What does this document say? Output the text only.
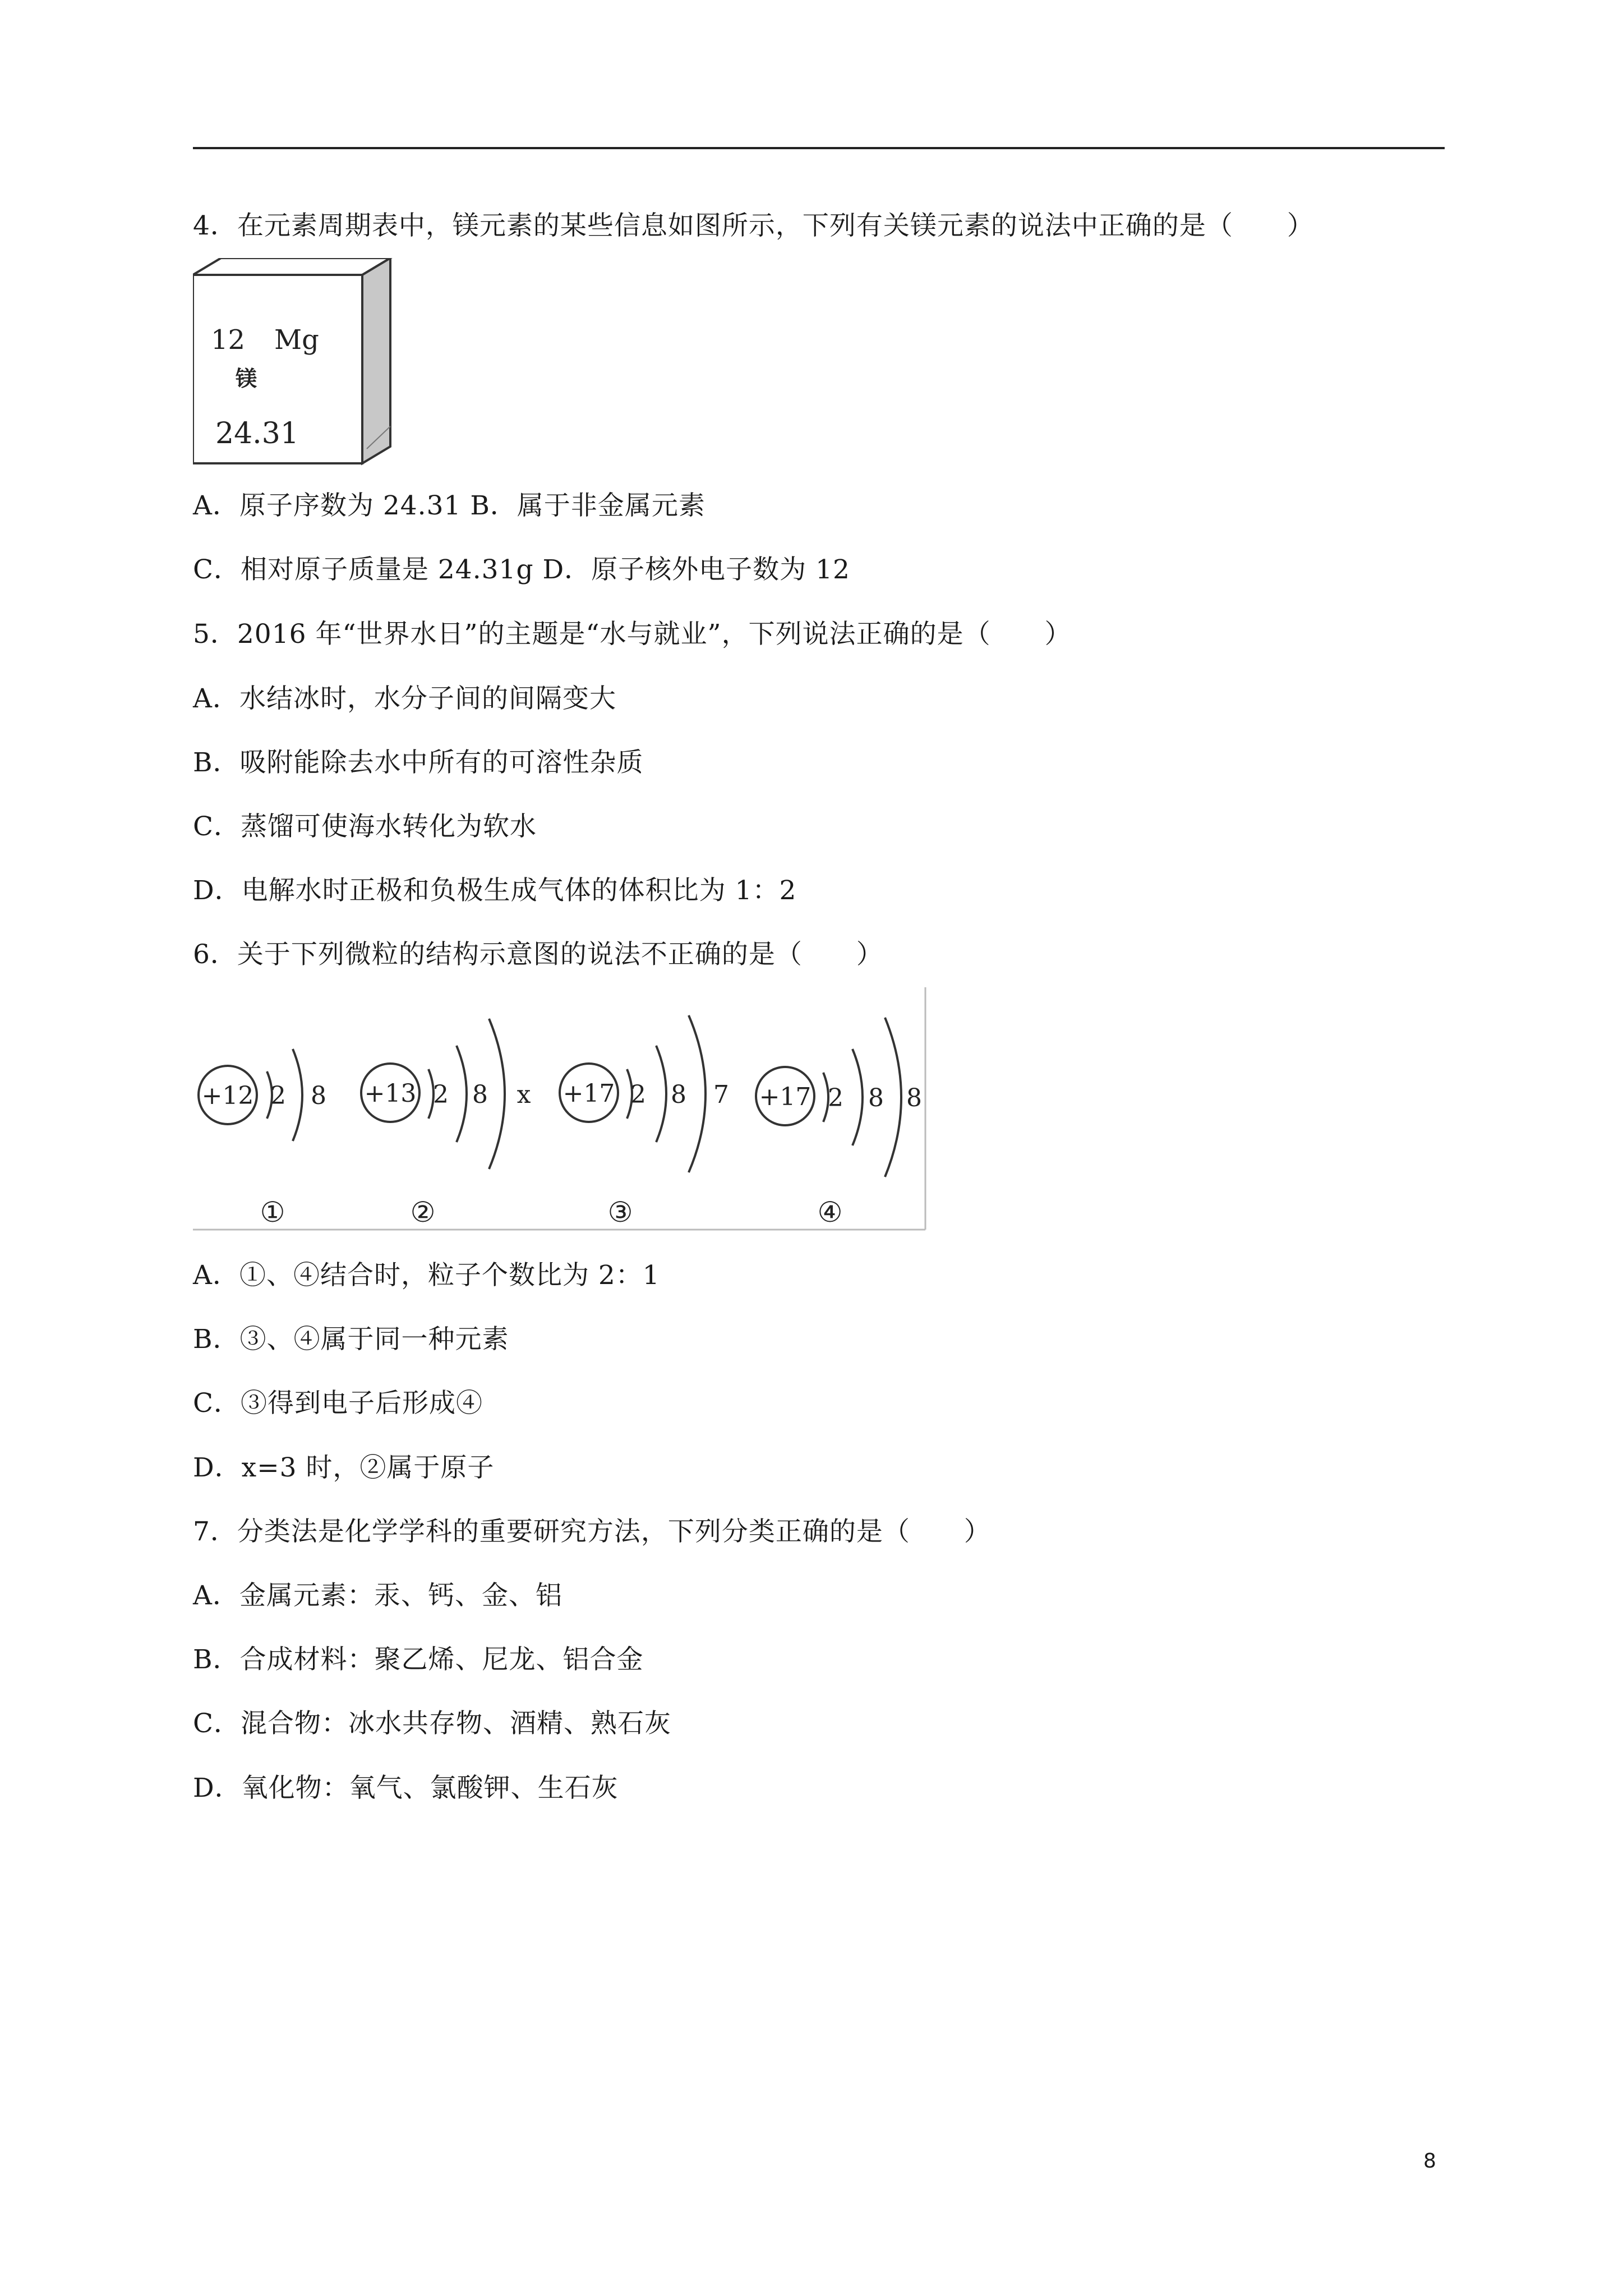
4．在元素周期表中，镁元素的某些信息如图所示，下列有关镁元素的说法中正确的是（　　）
12 Mg
镁
24.31
A．原子序数为 24.31 B．属于非金属元素
C．相对原子质量是 24.31g D．原子核外电子数为 12
5．2016 年“世界水日”的主题是“水与就业”，下列说法正确的是（　　）
A．水结冰时，水分子间的间隔变大
B．吸附能除去水中所有的可溶性杂质
C．蒸馏可使海水转化为软水
D．电解水时正极和负极生成气体的体积比为 1：2
6．关于下列微粒的结构示意图的说法不正确的是（　　）
+12 2 8
①
+13 2 8 x
②
+17 2 8 7
③
+17 2 8 8
④
A．①、④结合时，粒子个数比为 2：1
B．③、④属于同一种元素
C．③得到电子后形成④
D．x=3 时，②属于原子
7．分类法是化学学科的重要研究方法，下列分类正确的是（　　）
A．金属元素：汞、钙、金、铝
B．合成材料：聚乙烯、尼龙、铝合金
C．混合物：冰水共存物、酒精、熟石灰
D．氧化物：氧气、氯酸钾、生石灰
8
